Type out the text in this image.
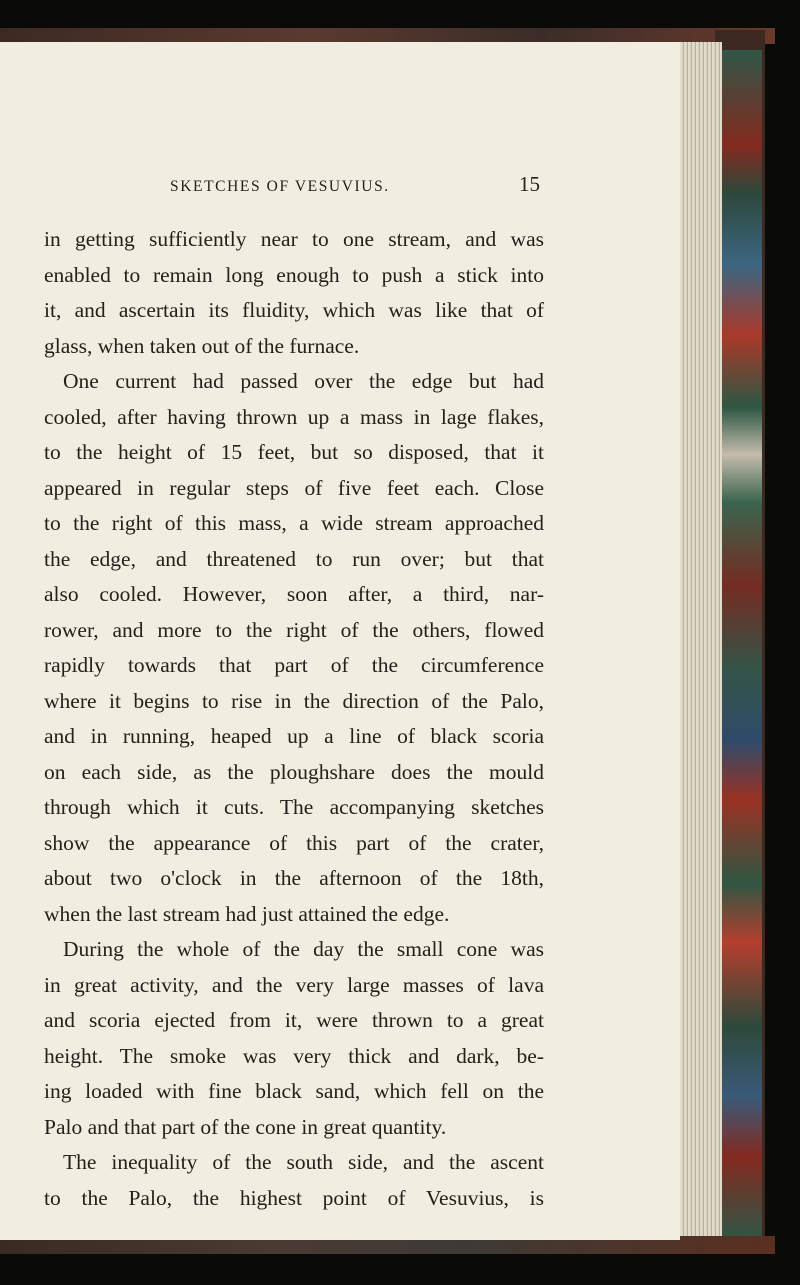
SKETCHES OF VESUVIUS.	15
in getting sufficiently near to one stream, and was
enabled to remain long enough to push a stick into
it, and ascertain its fluidity, which was like that of
glass, when taken out of the furnace.
One current had passed over the edge but had
cooled, after having thrown up a mass in lage flakes,
to the height of 15 feet, but so disposed, that it
appeared in regular steps of five feet each. Close
to the right of this mass, a wide stream approached
the edge, and threatened to run over; but that
also cooled. However, soon after, a third, nar-
rower, and more to the right of the others, flowed
rapidly towards that part of the circumference
where it begins to rise in the direction of the Palo,
and in running, heaped up a line of black scoria
on each side, as the ploughshare does the mould
through which it cuts. The accompanying sketches
show the appearance of this part of the crater,
about two o'clock in the afternoon of the 18th,
when the last stream had just attained the edge.
During the whole of the day the small cone was
in great activity, and the very large masses of lava
and scoria ejected from it, were thrown to a great
height. The smoke was very thick and dark, be-
ing loaded with fine black sand, which fell on the
Palo and that part of the cone in great quantity.
The inequality of the south side, and the ascent
to the Palo, the highest point of Vesuvius, is
